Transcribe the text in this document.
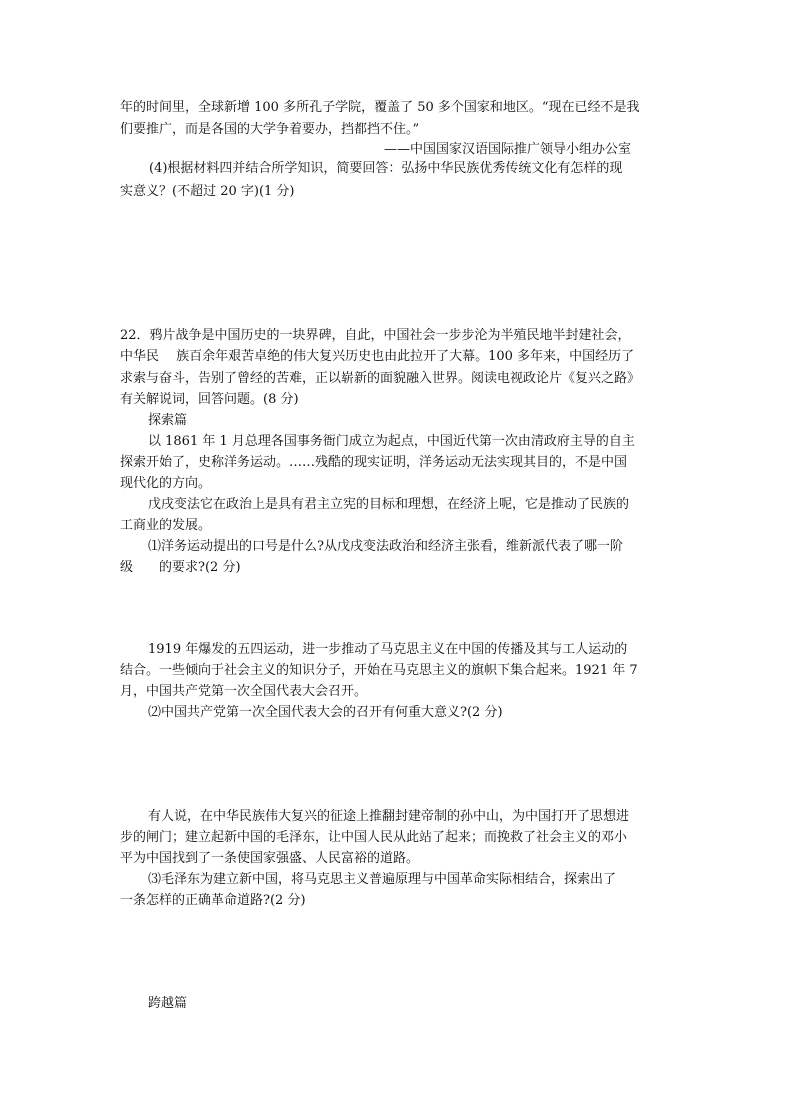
年的时间里，全球新增 100 多所孔子学院，覆盖了 50 多个国家和地区。“现在已经不是我

们要推广，而是各国的大学争着要办，挡都挡不住。”

——中国国家汉语国际推广领导小组办公室

(4)根据材料四并结合所学知识，简要回答：弘扬中华民族优秀传统文化有怎样的现

实意义？(不超过 20 字)(1 分)

22．鸦片战争是中国历史的一块界碑，自此，中国社会一步步沦为半殖民地半封建社会，

中华民　 族百余年艰苦卓绝的伟大复兴历史也由此拉开了大幕。100 多年来，中国经历了

求索与奋斗，告别了曾经的苦难，正以崭新的面貌融入世界。阅读电视政论片《复兴之路》

有关解说词，回答问题。(8 分)

探索篇

以 1861 年 1 月总理各国事务衙门成立为起点，中国近代第一次由清政府主导的自主

探索开始了，史称洋务运动。……残酷的现实证明，洋务运动无法实现其目的，不是中国

现代化的方向。

戊戌变法它在政治上是具有君主立宪的目标和理想，在经济上呢，它是推动了民族的

工商业的发展。

⑴洋务运动提出的口号是什么?从戊戌变法政治和经济主张看，维新派代表了哪一阶

级　　的要求?(2 分)

1919 年爆发的五四运动，进一步推动了马克思主义在中国的传播及其与工人运动的

结合。一些倾向于社会主义的知识分子，开始在马克思主义的旗帜下集合起来。1921 年 7

月，中国共产党第一次全国代表大会召开。

⑵中国共产党第一次全国代表大会的召开有何重大意义?(2 分)

有人说，在中华民族伟大复兴的征途上推翻封建帝制的孙中山，为中国打开了思想进

步的闸门；建立起新中国的毛泽东，让中国人民从此站了起来；而挽救了社会主义的邓小

平为中国找到了一条使国家强盛、人民富裕的道路。

⑶毛泽东为建立新中国，将马克思主义普遍原理与中国革命实际相结合，探索出了

一条怎样的正确革命道路?(2 分)

跨越篇
